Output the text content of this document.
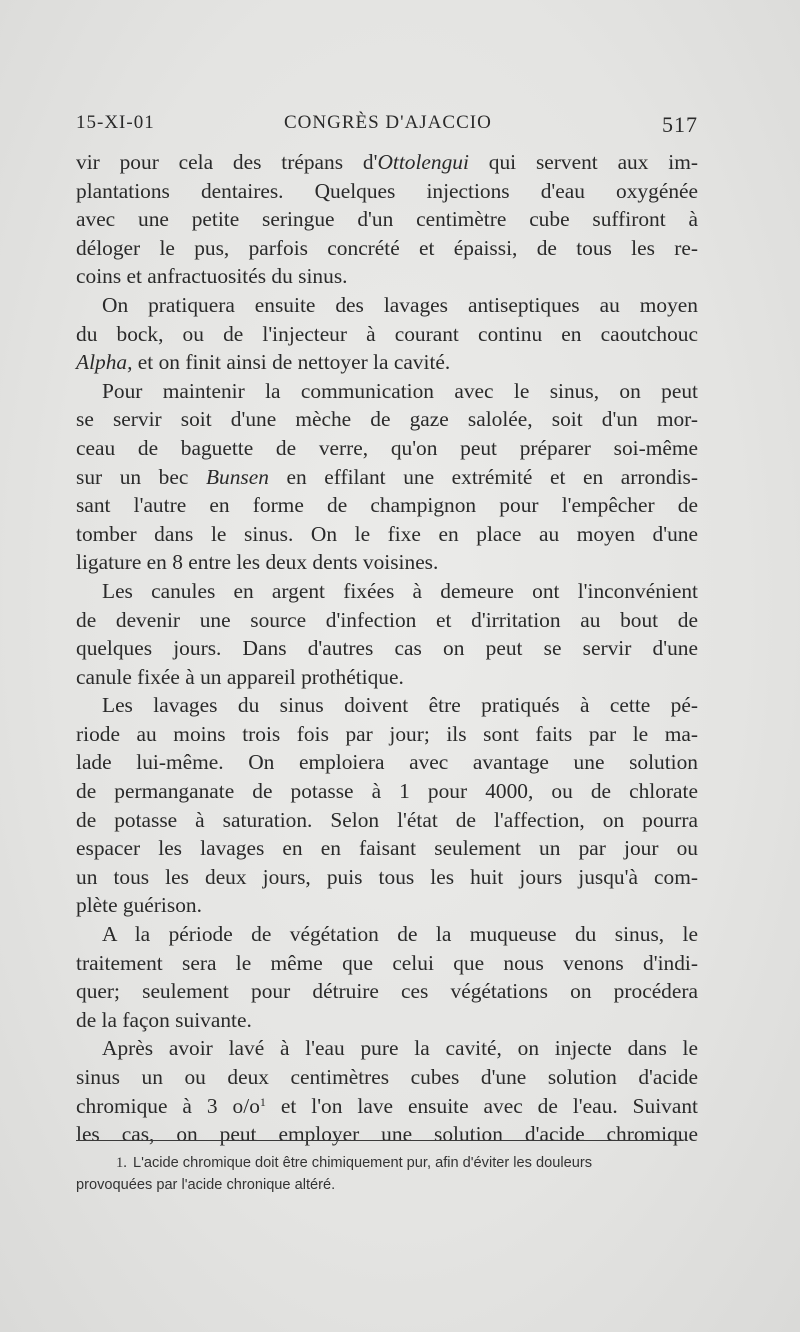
15-XI-01	CONGRÈS D'AJACCIO	517

vir pour cela des trépans d'Ottolengui qui servent aux im-
plantations dentaires. Quelques injections d'eau oxygénée
avec une petite seringue d'un centimètre cube suffiront à
déloger le pus, parfois concrété et épaissi, de tous les re-
coins et anfractuosités du sinus.

On pratiquera ensuite des lavages antiseptiques au moyen
du bock, ou de l'injecteur à courant continu en caoutchouc
Alpha, et on finit ainsi de nettoyer la cavité.

Pour maintenir la communication avec le sinus, on peut
se servir soit d'une mèche de gaze salolée, soit d'un mor-
ceau de baguette de verre, qu'on peut préparer soi-même
sur un bec Bunsen en effilant une extrémité et en arrondis-
sant l'autre en forme de champignon pour l'empêcher de
tomber dans le sinus. On le fixe en place au moyen d'une
ligature en 8 entre les deux dents voisines.

Les canules en argent fixées à demeure ont l'inconvénient
de devenir une source d'infection et d'irritation au bout de
quelques jours. Dans d'autres cas on peut se servir d'une
canule fixée à un appareil prothétique.

Les lavages du sinus doivent être pratiqués à cette pé-
riode au moins trois fois par jour; ils sont faits par le ma-
lade lui-même. On emploiera avec avantage une solution
de permanganate de potasse à 1 pour 4000, ou de chlorate
de potasse à saturation. Selon l'état de l'affection, on pourra
espacer les lavages en en faisant seulement un par jour ou
un tous les deux jours, puis tous les huit jours jusqu'à com-
plète guérison.

A la période de végétation de la muqueuse du sinus, le
traitement sera le même que celui que nous venons d'indi-
quer; seulement pour détruire ces végétations on procédera
de la façon suivante.

Après avoir lavé à l'eau pure la cavité, on injecte dans le
sinus un ou deux centimètres cubes d'une solution d'acide
chromique à 3 $o/o^1$ et l'on lave ensuite avec de l'eau. Suivant
les cas, on peut employer une solution d'acide chromique

1. L'acide chromique doit être chimiquement pur, afin d'éviter les douleurs
provoquées par l'acide chronique altéré.
